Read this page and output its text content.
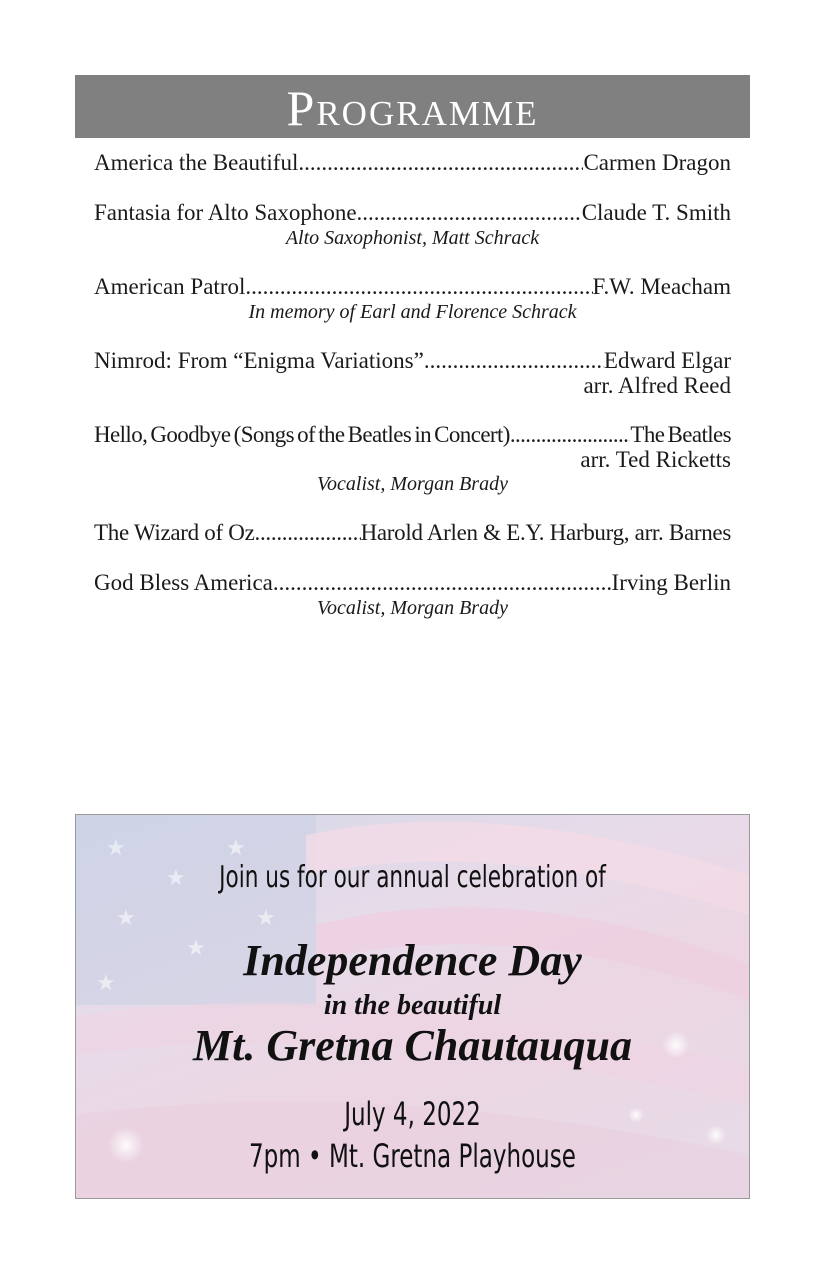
Programme
America the Beautiful .....	Carmen Dragon
Fantasia for Alto Saxophone .....	Claude T. Smith
Alto Saxophonist, Matt Schrack
American Patrol .....	F.W. Meacham
In memory of Earl and Florence Schrack
Nimrod: From “Enigma Variations” .....	Edward Elgar
arr. Alfred Reed
Hello, Goodbye (Songs of the Beatles in Concert) .....	The Beatles
arr. Ted Ricketts
Vocalist, Morgan Brady
The Wizard of Oz .....	Harold Arlen & E.Y. Harburg, arr. Barnes
God Bless America .....	Irving Berlin
Vocalist, Morgan Brady
★
★
★
★
★
★
★
Join us for our annual celebration of
Independence Day
in the beautiful
Mt. Gretna Chautauqua
July 4, 2022
7pm • Mt. Gretna Playhouse
